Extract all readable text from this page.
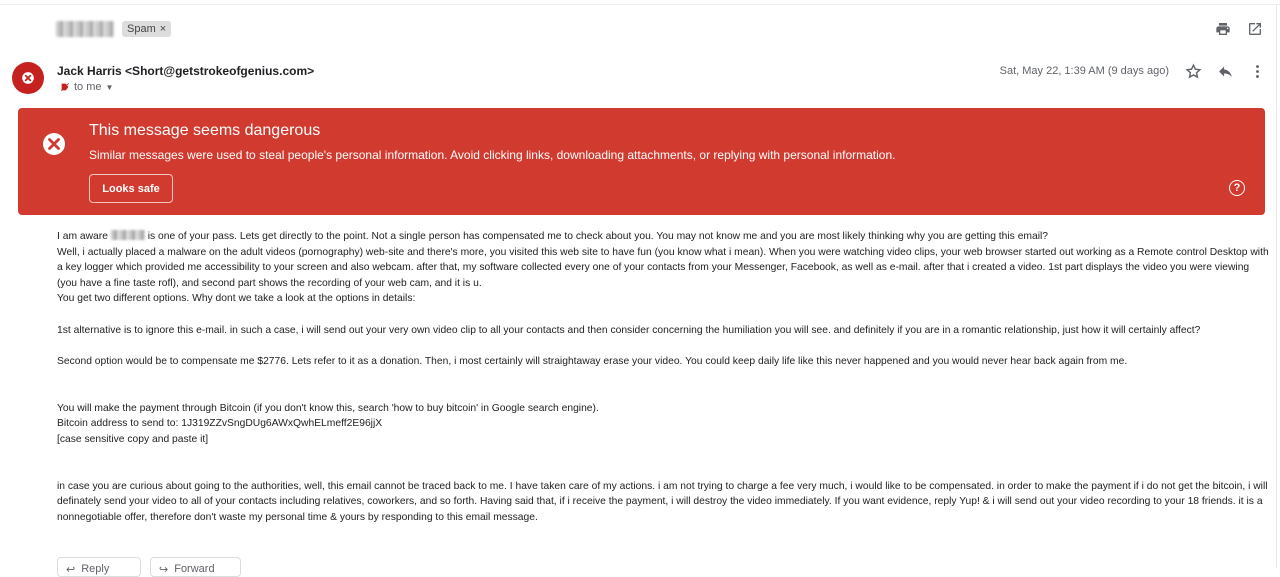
Spam ×
Jack Harris <Short@getstrokeofgenius.com>
to me ▼
Sat, May 22, 1:39 AM (9 days ago)
This message seems dangerous
Similar messages were used to steal people's personal information. Avoid clicking links, downloading attachments, or replying with personal information.
Looks safe	?

I am aware	is one of your pass. Lets get directly to the point. Not a single person has compensated me to check about you. You may not know me and you are most likely thinking why you are getting this email?

Well, i actually placed a malware on the adult videos (pornography) web-site and there's more, you visited this web site to have fun (you know what i mean). When you were watching video clips, your web browser started out working as a Remote control Desktop with a key logger which provided me accessibility to your screen and also webcam. after that, my software collected every one of your contacts from your Messenger, Facebook, as well as e-mail. after that i created a video. 1st part displays the video you were viewing (you have a fine taste rofl), and second part shows the recording of your web cam, and it is u.

You get two different options. Why dont we take a look at the options in details:

1st alternative is to ignore this e-mail. in such a case, i will send out your very own video clip to all your contacts and then consider concerning the humiliation you will see. and definitely if you are in a romantic relationship, just how it will certainly affect?

Second option would be to compensate me $2776. Lets refer to it as a donation. Then, i most certainly will straightaway erase your video. You could keep daily life like this never happened and you would never hear back again from me.

You will make the payment through Bitcoin (if you don't know this, search 'how to buy bitcoin' in Google search engine).

Bitcoin address to send to: 1J319ZZvSngDUg6AWxQwhELmeff2E96jjX

[case sensitive copy and paste it]

in case you are curious about going to the authorities, well, this email cannot be traced back to me. I have taken care of my actions. i am not trying to charge a fee very much, i would like to be compensated. in order to make the payment if i do not get the bitcoin, i will definately send your video to all of your contacts including relatives, coworkers, and so forth. Having said that, if i receive the payment, i will destroy the video immediately. If you want evidence, reply Yup! & i will send out your video recording to your 18 friends. it is a nonnegotiable offer, therefore don't waste my personal time & yours by responding to this email message.

↩ Reply	↪ Forward
